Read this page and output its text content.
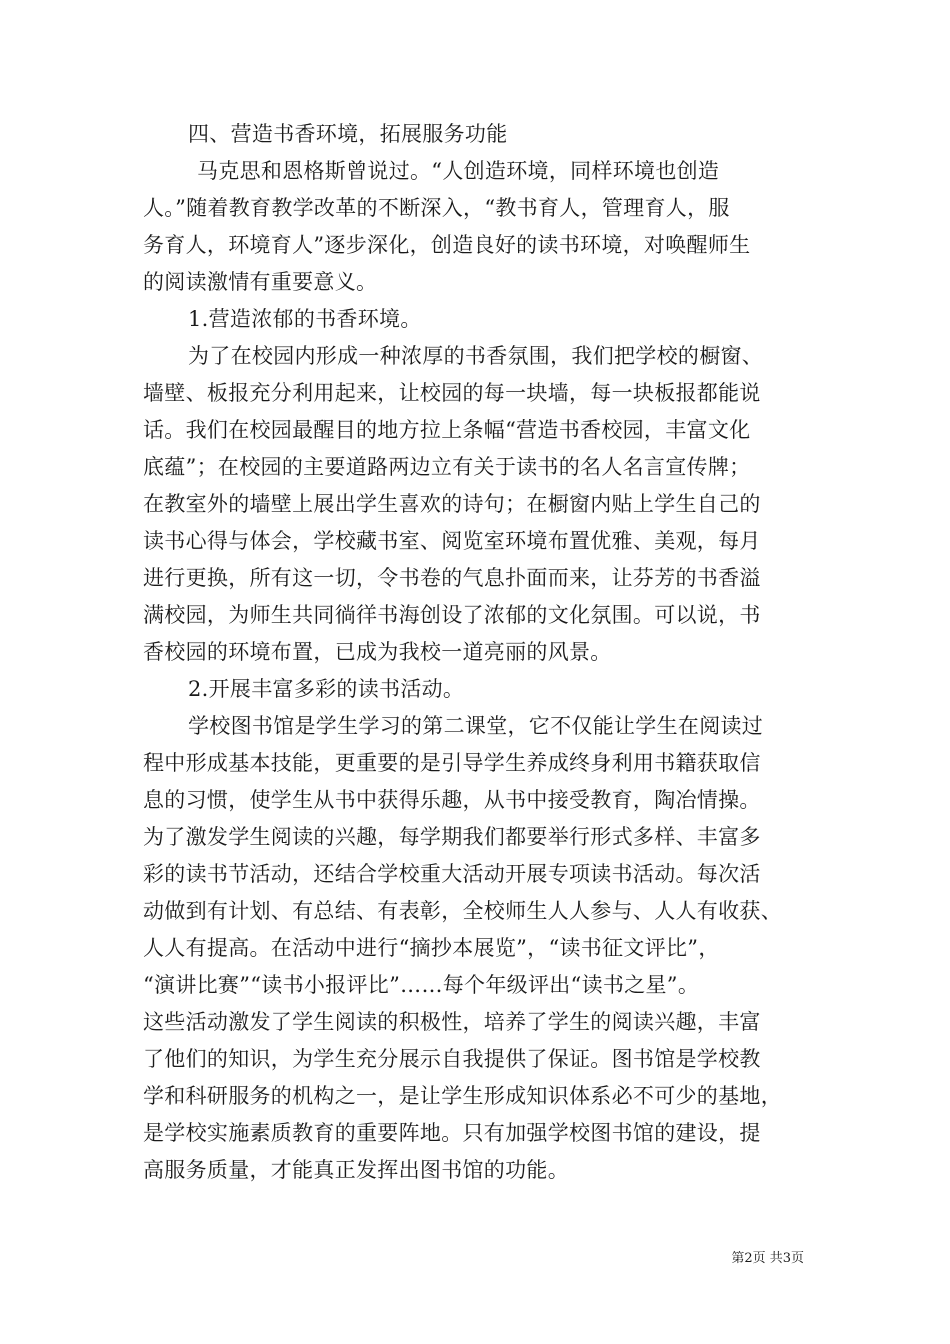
四、营造书香环境，拓展服务功能
马克思和恩格斯曾说过。“人创造环境，同样环境也创造
人。”随着教育教学改革的不断深入，“教书育人，管理育人，服
务育人，环境育人”逐步深化，创造良好的读书环境，对唤醒师生
的阅读激情有重要意义。
1.营造浓郁的书香环境。
为了在校园内形成一种浓厚的书香氛围，我们把学校的橱窗、
墙壁、板报充分利用起来，让校园的每一块墙，每一块板报都能说
话。我们在校园最醒目的地方拉上条幅“营造书香校园，丰富文化
底蕴”；在校园的主要道路两边立有关于读书的名人名言宣传牌；
在教室外的墙壁上展出学生喜欢的诗句；在橱窗内贴上学生自己的
读书心得与体会，学校藏书室、阅览室环境布置优雅、美观，每月
进行更换，所有这一切，令书卷的气息扑面而来，让芬芳的书香溢
满校园，为师生共同徜徉书海创设了浓郁的文化氛围。可以说，书
香校园的环境布置，已成为我校一道亮丽的风景。
2.开展丰富多彩的读书活动。
学校图书馆是学生学习的第二课堂，它不仅能让学生在阅读过
程中形成基本技能，更重要的是引导学生养成终身利用书籍获取信
息的习惯，使学生从书中获得乐趣，从书中接受教育，陶冶情操。
为了激发学生阅读的兴趣，每学期我们都要举行形式多样、丰富多
彩的读书节活动，还结合学校重大活动开展专项读书活动。每次活
动做到有计划、有总结、有表彰，全校师生人人参与、人人有收获、
人人有提高。在活动中进行“摘抄本展览”，“读书征文评比”，
“演讲比赛”“读书小报评比”……每个年级评出“读书之星”。
这些活动激发了学生阅读的积极性，培养了学生的阅读兴趣，丰富
了他们的知识，为学生充分展示自我提供了保证。图书馆是学校教
学和科研服务的机构之一，是让学生形成知识体系必不可少的基地，
是学校实施素质教育的重要阵地。只有加强学校图书馆的建设，提
高服务质量，才能真正发挥出图书馆的功能。
第2页 共3页
